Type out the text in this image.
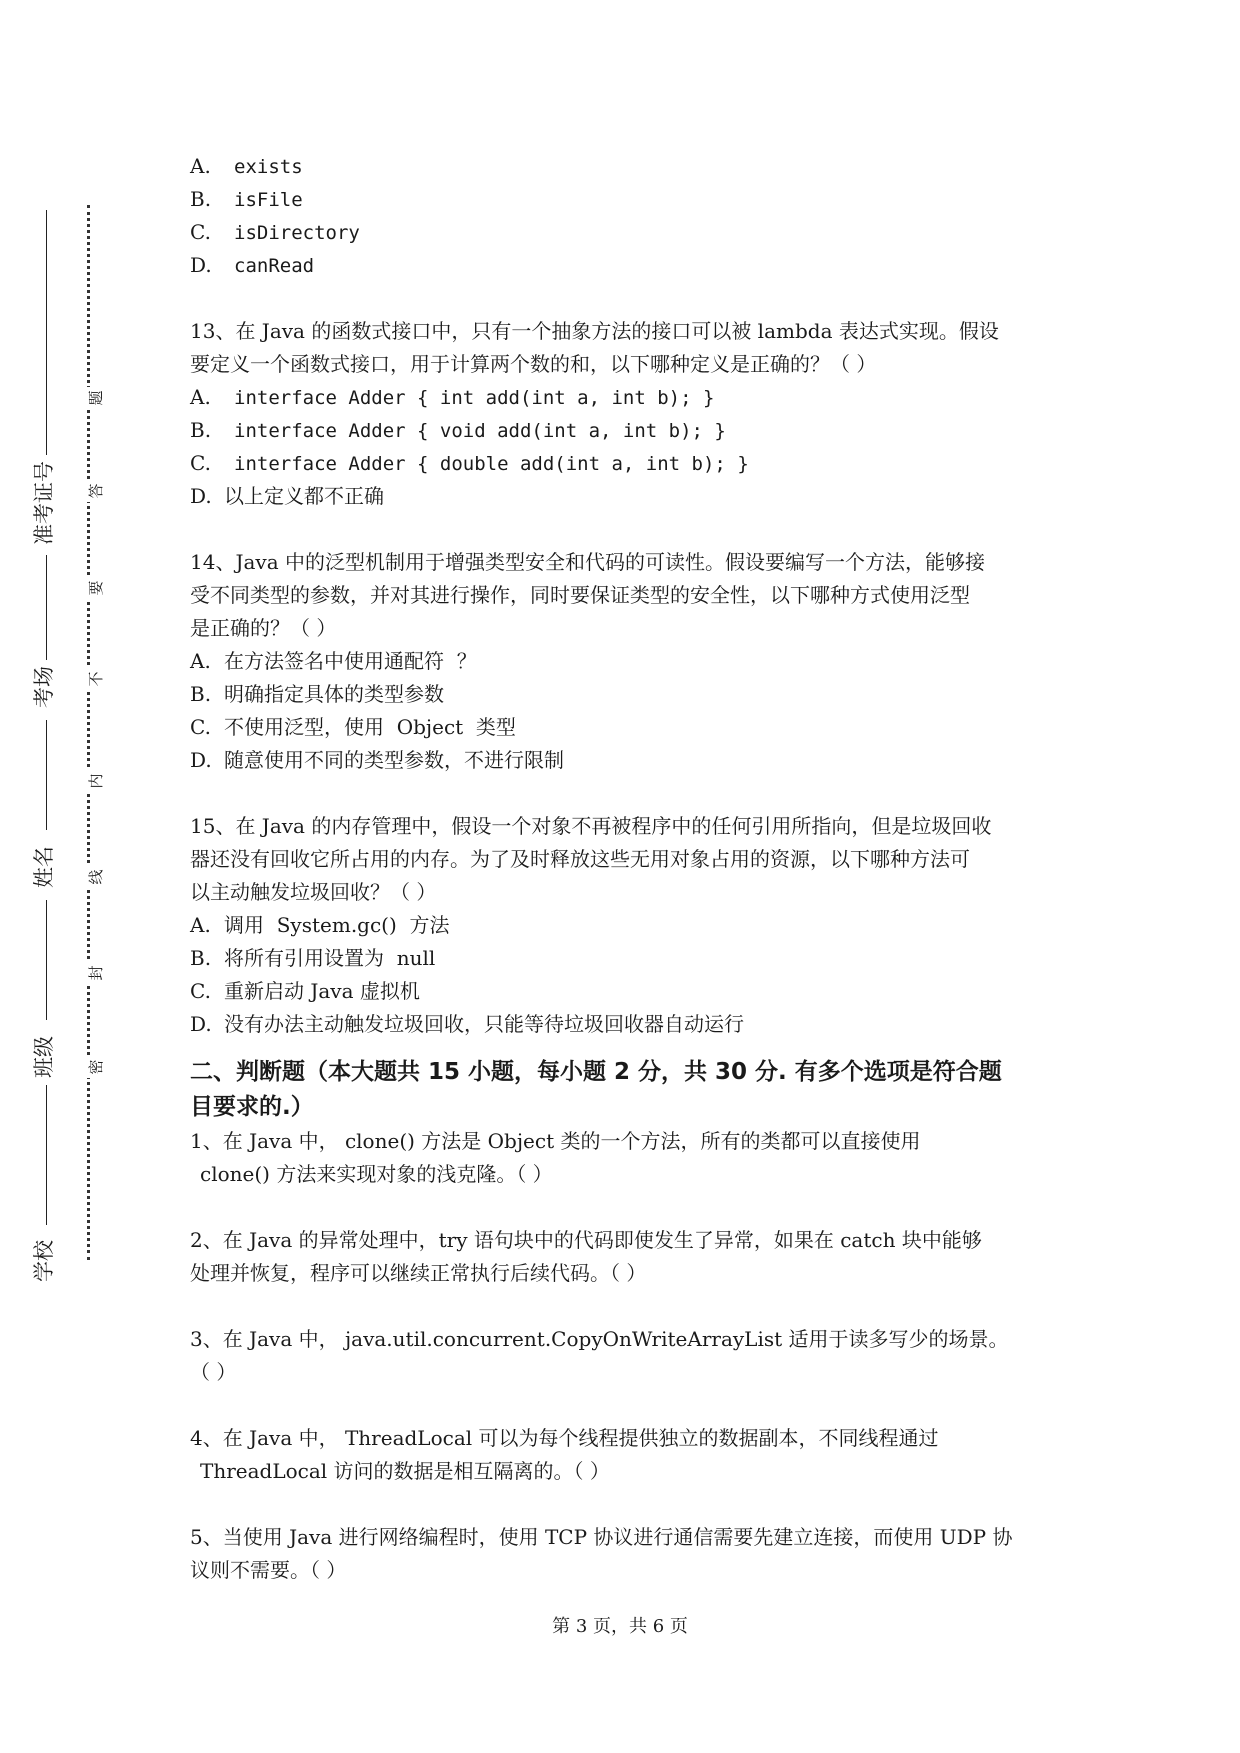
准考证号
考场
姓名
班级
学校
题
答
要
不
内
线
封
密
A. exists
B. isFile
C. isDirectory
D. canRead
13、在 Java 的函数式接口中，只有一个抽象方法的接口可以被 lambda 表达式实现。假设
要定义一个函数式接口，用于计算两个数的和，以下哪种定义是正确的？（ ）
A. interface Adder { int add(int a, int b); }
B. interface Adder { void add(int a, int b); }
C. interface Adder { double add(int a, int b); }
D. 以上定义都不正确
14、Java 中的泛型机制用于增强类型安全和代码的可读性。假设要编写一个方法，能够接
受不同类型的参数，并对其进行操作，同时要保证类型的安全性，以下哪种方式使用泛型
是正确的？（ ）
A. 在方法签名中使用通配符  ？
B. 明确指定具体的类型参数
C. 不使用泛型，使用  Object  类型
D. 随意使用不同的类型参数，不进行限制
15、在 Java 的内存管理中，假设一个对象不再被程序中的任何引用所指向，但是垃圾回收
器还没有回收它所占用的内存。为了及时释放这些无用对象占用的资源，以下哪种方法可
以主动触发垃圾回收？（ ）
A. 调用  System.gc()  方法
B. 将所有引用设置为  null
C. 重新启动 Java 虚拟机
D. 没有办法主动触发垃圾回收，只能等待垃圾回收器自动运行
二、判断题（本大题共 15 小题，每小题 2 分，共 30 分. 有多个选项是符合题
目要求的.）
1、在 Java 中， clone() 方法是 Object 类的一个方法，所有的类都可以直接使用
clone() 方法来实现对象的浅克隆。（ ）
2、在 Java 的异常处理中，try 语句块中的代码即使发生了异常，如果在 catch 块中能够
处理并恢复，程序可以继续正常执行后续代码。（ ）
3、在 Java 中， java.util.concurrent.CopyOnWriteArrayList 适用于读多写少的场景。
（ ）
4、在 Java 中， ThreadLocal 可以为每个线程提供独立的数据副本，不同线程通过
ThreadLocal 访问的数据是相互隔离的。（ ）
5、当使用 Java 进行网络编程时，使用 TCP 协议进行通信需要先建立连接，而使用 UDP 协
议则不需要。（ ）
第 3 页，共 6 页
